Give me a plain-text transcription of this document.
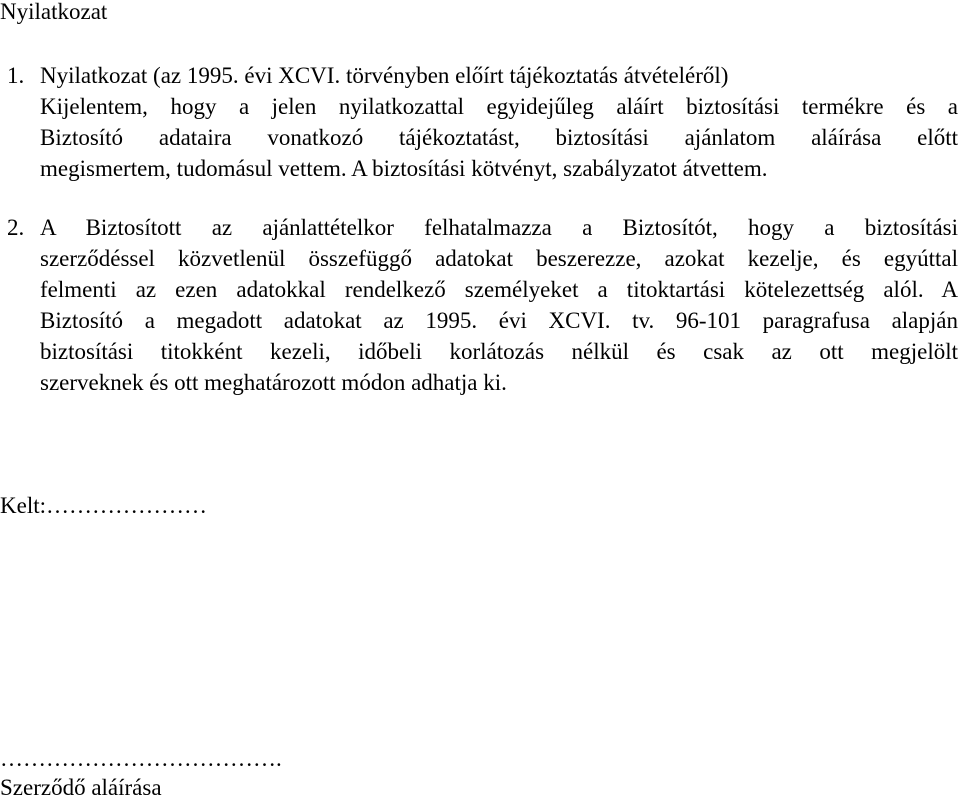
Nyilatkozat
1. Nyilatkozat (az 1995. évi XCVI. törvényben előírt tájékoztatás átvételéről)
Kijelentem, hogy a jelen nyilatkozattal egyidejűleg aláírt biztosítási termékre és a
Biztosító adataira vonatkozó tájékoztatást, biztosítási ajánlatom aláírása előtt
megismertem, tudomásul vettem. A biztosítási kötvényt, szabályzatot átvettem.
2. A Biztosított az ajánlattételkor felhatalmazza a Biztosítót, hogy a biztosítási
szerződéssel közvetlenül összefüggő adatokat beszerezze, azokat kezelje, és egyúttal
felmenti az ezen adatokkal rendelkező személyeket a titoktartási kötelezettség alól. A
Biztosító a megadott adatokat az 1995. évi XCVI. tv. 96-101 paragrafusa alapján
biztosítási titokként kezeli, időbeli korlátozás nélkül és csak az ott megjelölt
szerveknek és ott meghatározott módon adhatja ki.
Kelt:…………………
……………………………….
Szerződő aláírása
